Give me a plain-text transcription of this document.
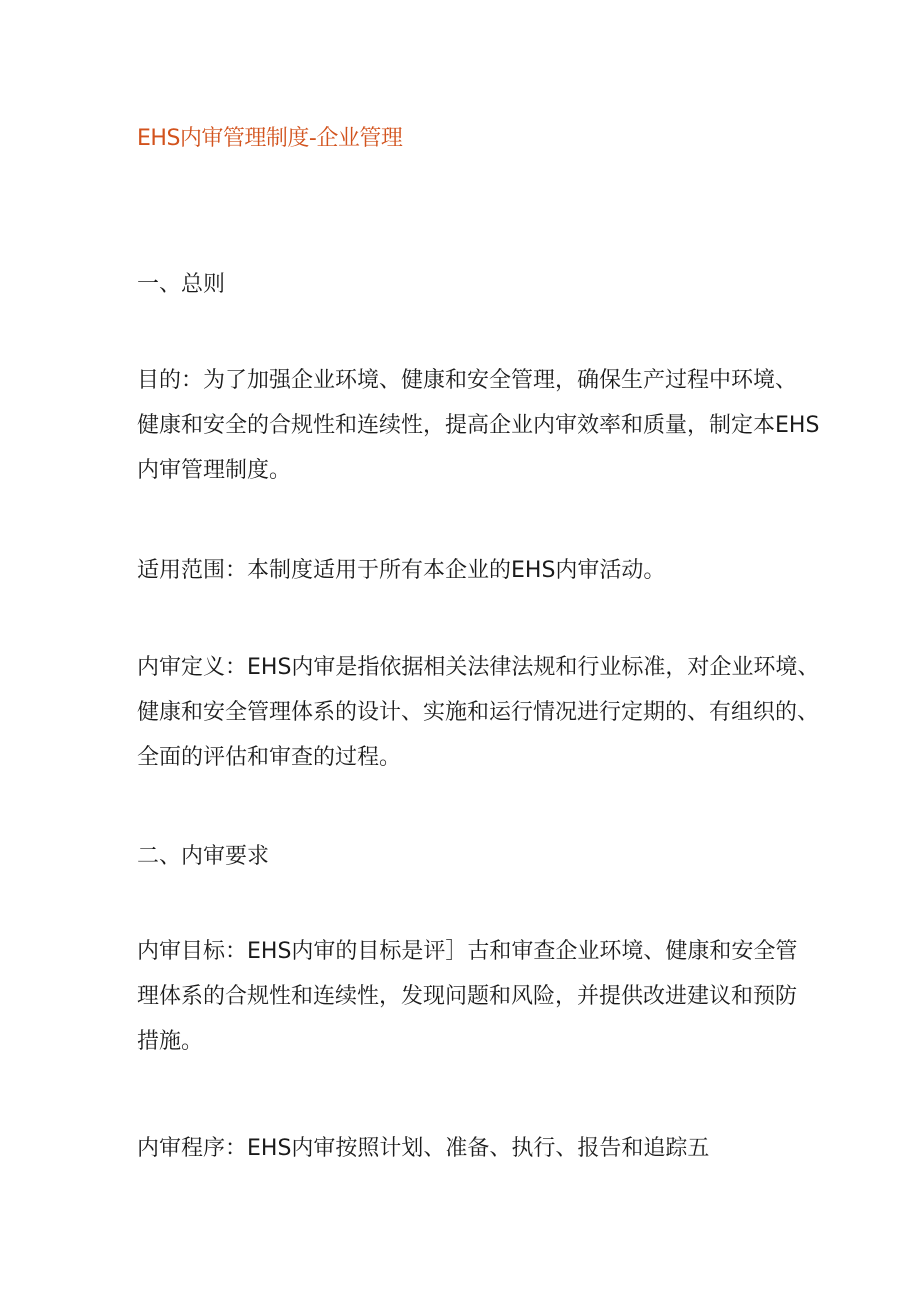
EHS内审管理制度-企业管理
一、总则
目的：为了加强企业环境、健康和安全管理，确保生产过程中环境、
健康和安全的合规性和连续性，提高企业内审效率和质量，制定本EHS
内审管理制度。
适用范围：本制度适用于所有本企业的EHS内审活动。
内审定义：EHS内审是指依据相关法律法规和行业标准，对企业环境、
健康和安全管理体系的设计、实施和运行情况进行定期的、有组织的、
全面的评估和审查的过程。
二、内审要求
内审目标：EHS内审的目标是评］古和审查企业环境、健康和安全管
理体系的合规性和连续性，发现问题和风险，并提供改进建议和预防
措施。
内审程序：EHS内审按照计划、准备、执行、报告和追踪五
